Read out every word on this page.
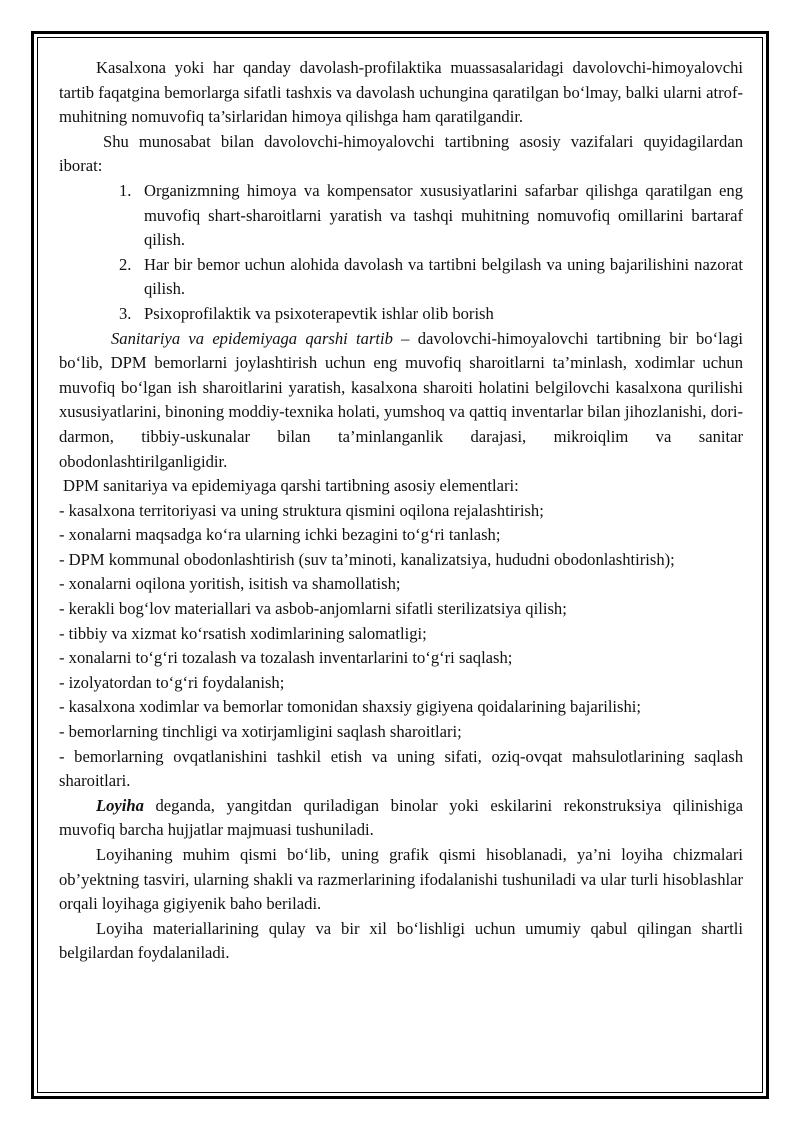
Kasalxona yoki har qanday davolash-profilaktika muassasalaridagi davolovchi-himoyalovchi tartib faqatgina bemorlarga sifatli tashxis va davolash uchungina qaratilgan bo‘lmay, balki ularni atrof-muhitning nomuvofiq ta’sirlaridan himoya qilishga ham qaratilgandir.

Shu munosabat bilan davolovchi-himoyalovchi tartibning asosiy vazifalari quyidagilardan iborat:

1. Organizmning himoya va kompensator xususiyatlarini safarbar qilishga qaratilgan eng muvofiq shart-sharoitlarni yaratish va tashqi muhitning nomuvofiq omillarini bartaraf qilish.
2. Har bir bemor uchun alohida davolash va tartibni belgilash va uning bajarilishini nazorat qilish.
3. Psixoprofilaktik va psixoterapevtik ishlar olib borish

Sanitariya va epidemiyaga qarshi tartib – davolovchi-himoyalovchi tartibning bir bo‘lagi bo‘lib, DPM bemorlarni joylashtirish uchun eng muvofiq sharoitlarni ta’minlash, xodimlar uchun muvofiq bo‘lgan ish sharoitlarini yaratish, kasalxona sharoiti holatini belgilovchi kasalxona qurilishi xususiyatlarini, binoning moddiy-texnika holati, yumshoq va qattiq inventarlar bilan jihozlanishi, dori-darmon, tibbiy-uskunalar bilan ta’minlanganlik darajasi, mikroiqlim va sanitar obodonlashtirilganligidir.

DPM sanitariya va epidemiyaga qarshi tartibning asosiy elementlari:

- kasalxona territoriyasi va uning struktura qismini oqilona rejalashtirish;

- xonalarni maqsadga ko‘ra ularning ichki bezagini to‘g‘ri tanlash;

- DPM kommunal obodonlashtirish (suv ta’minoti, kanalizatsiya, hududni obodonlashtirish);

- xonalarni oqilona yoritish, isitish va shamollatish;

- kerakli bog‘lov materiallari va asbob-anjomlarni sifatli sterilizatsiya qilish;

- tibbiy va xizmat ko‘rsatish xodimlarining salomatligi;

- xonalarni to‘g‘ri tozalash va tozalash inventarlarini to‘g‘ri saqlash;

- izolyatordan to‘g‘ri foydalanish;

- kasalxona xodimlar va bemorlar tomonidan shaxsiy gigiyena qoidalarining bajarilishi;

- bemorlarning tinchligi va xotirjamligini saqlash sharoitlari;

- bemorlarning ovqatlanishini tashkil etish va uning sifati, oziq-ovqat mahsulotlarining saqlash sharoitlari.

Loyiha deganda, yangitdan quriladigan binolar yoki eskilarini rekonstruksiya qilinishiga muvofiq barcha hujjatlar majmuasi tushuniladi.

Loyihaning muhim qismi bo‘lib, uning grafik qismi hisoblanadi, ya’ni loyiha chizmalari ob’yektning tasviri, ularning shakli va razmerlarining ifodalanishi tushuniladi va ular turli hisoblashlar orqali loyihaga gigiyenik baho beriladi.

Loyiha materiallarining qulay va bir xil bo‘lishligi uchun umumiy qabul qilingan shartli belgilardan foydalaniladi.
